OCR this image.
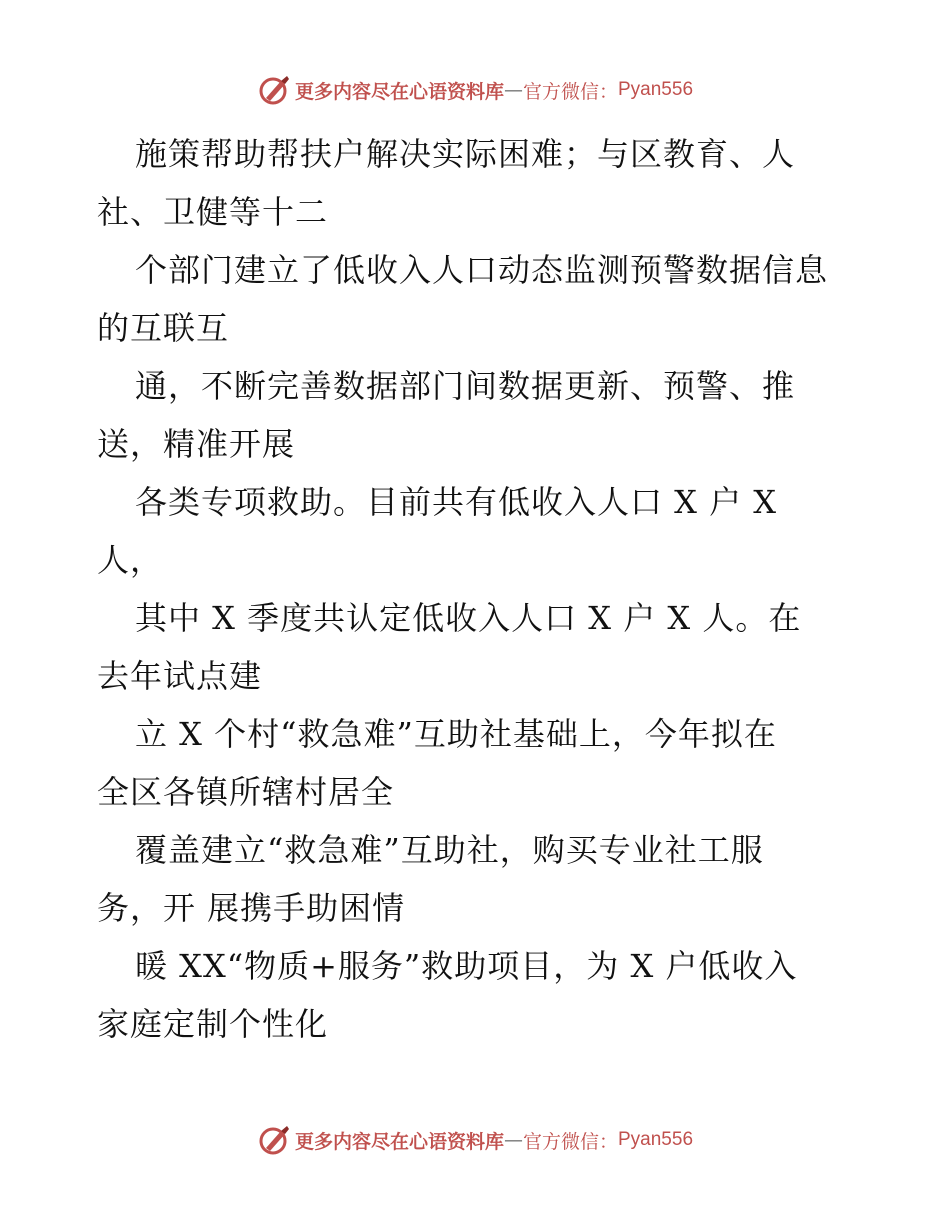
更多内容尽在心语资料库 — 官方微信： Pyan556
施策帮助帮扶户解决实际困难；与区教育、人
社、卫健等十二
个部门建立了低收入人口动态监测预警数据信息
的互联互
通，不断完善数据部门间数据更新、预警、推
送，精准开展
各类专项救助。目前共有低收入人口 X 户 X
人，
其中 X 季度共认定低收入人口 X 户 X 人。在
去年试点建
立 X 个村“救急难”互助社基础上，今年拟在
全区各镇所辖村居全
覆盖建立“救急难”互助社，购买专业社工服
务，开 展携手助困情
暖 XX“物质+服务”救助项目，为 X 户低收入
家庭定制个性化
更多内容尽在心语资料库 — 官方微信： Pyan556
